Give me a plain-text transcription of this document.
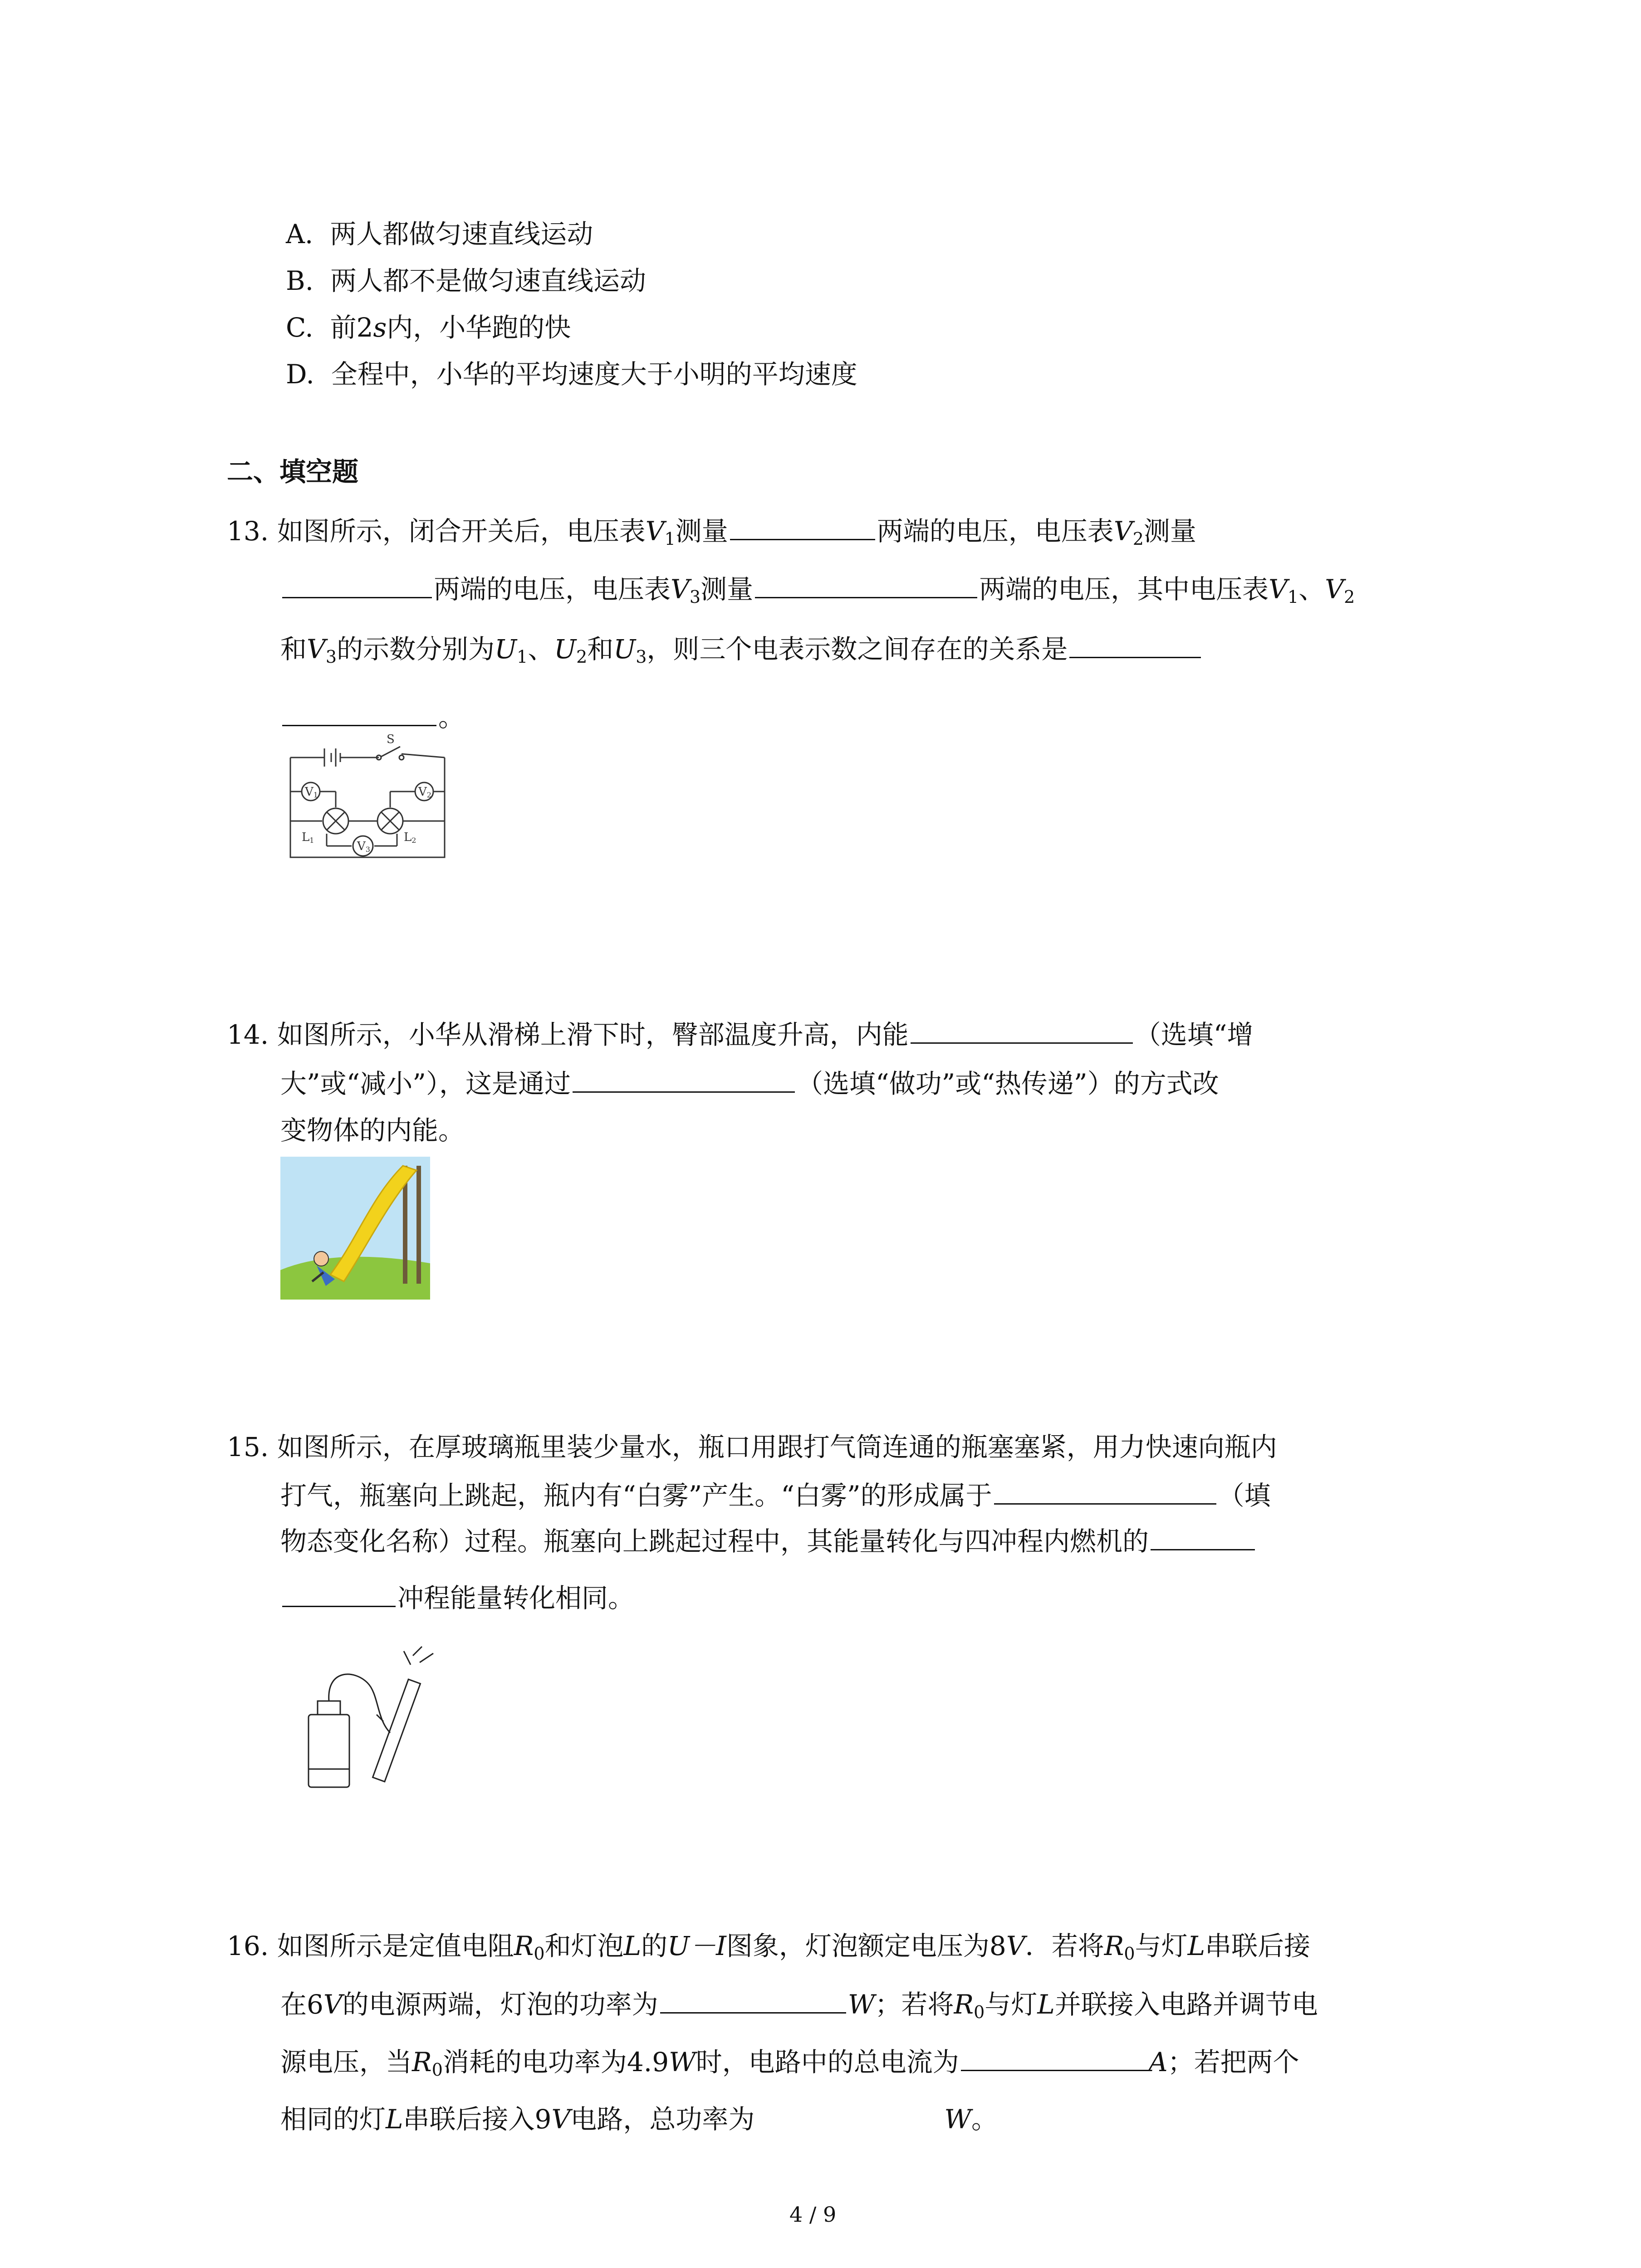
A. 两人都做匀速直线运动
B. 两人都不是做匀速直线运动
C. 前2s内，小华跑的快
D. 全程中，小华的平均速度大于小明的平均速度
二、填空题
13. 如图所示，闭合开关后，电压表$V_1$测量	两端的电压，电压表$V_2$测量
两端的电压，电压表$V_3$测量	两端的电压，其中电压表$V_1$、$V_2$
和$V_3$的示数分别为$U_1$、$U_2$和$U_3$，则三个电表示数之间存在的关系是
。
S
V1	V2
V3
L1	L2
14. 如图所示，小华从滑梯上滑下时，臀部温度升高，内能	（选填“增
大”或“减小”），这是通过	（选填“做功”或“热传递”）的方式改
变物体的内能。
15. 如图所示，在厚玻璃瓶里装少量水，瓶口用跟打气筒连通的瓶塞塞紧，用力快速向瓶内
打气，瓶塞向上跳起，瓶内有“白雾”产生。“白雾”的形成属于	（填
物态变化名称）过程。瓶塞向上跳起过程中，其能量转化与四冲程内燃机的
冲程能量转化相同。
16. 如图所示是定值电阻$R_0$和灯泡L的U－I图象，灯泡额定电压为8V．若将$R_0$与灯L串联后接
在6V的电源两端，灯泡的功率为	W；若将$R_0$与灯L并联接入电路并调节电
源电压，当$R_0$消耗的电功率为4.9W时，电路中的总电流为	A；若把两个
相同的灯L串联后接入9V电路，总功率为	W。
4 / 9
